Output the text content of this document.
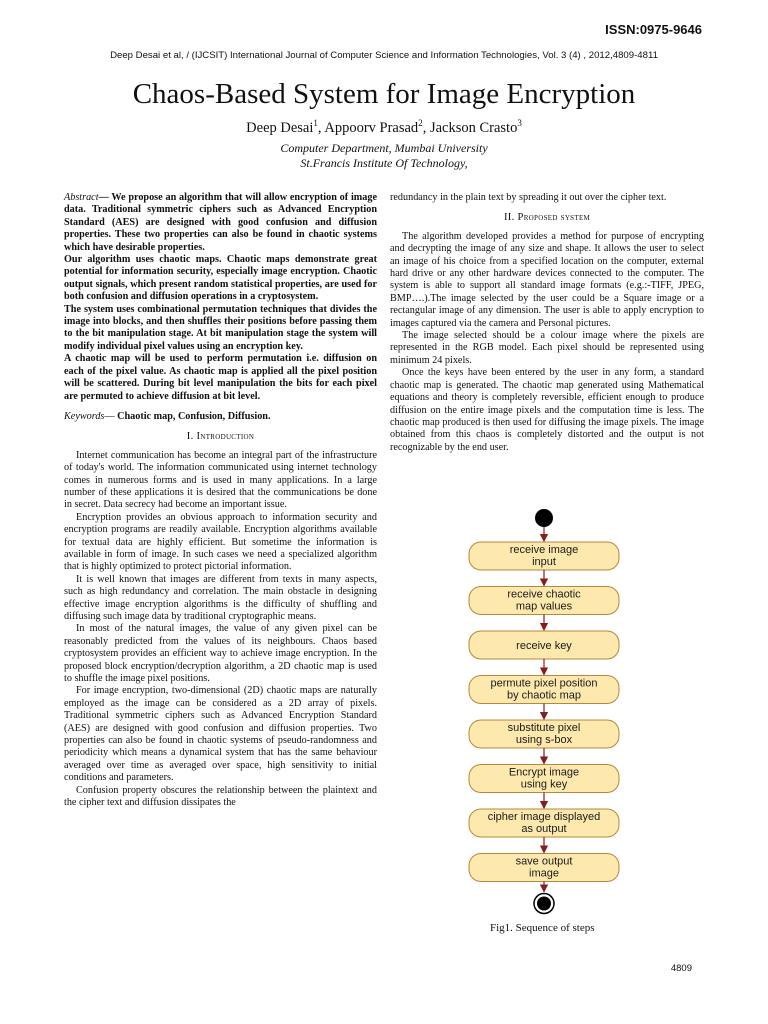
ISSN:0975-9646
Deep Desai et al, / (IJCSIT) International Journal of Computer Science and Information Technologies, Vol. 3 (4) , 2012,4809-4811
Chaos-Based System for Image Encryption
Deep Desai$^1$, Appoorv Prasad$^2$, Jackson Crasto$^3$
Computer Department, Mumbai University
St.Francis Institute Of Technology,

Abstract— We propose an algorithm that will allow encryption of image data. Traditional symmetric ciphers such as Advanced Encryption Standard (AES) are designed with good confusion and diffusion properties. These two properties can also be found in chaotic systems which have desirable properties.

Our algorithm uses chaotic maps. Chaotic maps demonstrate great potential for information security, especially image encryption. Chaotic output signals, which present random statistical properties, are used for both confusion and diffusion operations in a cryptosystem.

The system uses combinational permutation techniques that divides the image into blocks, and then shuffles their positions before passing them to the bit manipulation stage. At bit manipulation stage the system will modify individual pixel values using an encryption key.

A chaotic map will be used to perform permutation i.e. diffusion on each of the pixel value. As chaotic map is applied all the pixel position will be scattered. During bit level manipulation the bits for each pixel are permuted to achieve diffusion at bit level.

Keywords— Chaotic map, Confusion, Diffusion.

I. Introduction

Internet communication has become an integral part of the infrastructure of today's world. The information communicated using internet technology comes in numerous forms and is used in many applications. In a large number of these applications it is desired that the communications be done in secret. Data secrecy had become an important issue.

Encryption provides an obvious approach to information security and encryption programs are readily available. Encryption algorithms available for textual data are highly efficient. But sometime the information is available in form of image. In such cases we need a specialized algorithm that is highly optimized to protect pictorial information.

It is well known that images are different from texts in many aspects, such as high redundancy and correlation. The main obstacle in designing effective image encryption algorithms is the difficulty of shuffling and diffusing such image data by traditional cryptographic means.

In most of the natural images, the value of any given pixel can be reasonably predicted from the values of its neighbours. Chaos based cryptosystem provides an efficient way to achieve image encryption. In the proposed block encryption/decryption algorithm, a 2D chaotic map is used to shuffle the image pixel positions.

For image encryption, two-dimensional (2D) chaotic maps are naturally employed as the image can be considered as a 2D array of pixels. Traditional symmetric ciphers such as Advanced Encryption Standard (AES) are designed with good confusion and diffusion properties. Two properties can also be found in chaotic systems of pseudo-randomness and periodicity which means a dynamical system that has the same behaviour averaged over time as averaged over space, high sensitivity to initial conditions and parameters.

Confusion property obscures the relationship between the plaintext and the cipher text and diffusion dissipates the

redundancy in the plain text by spreading it out over the cipher text.

II. Proposed system

The algorithm developed provides a method for purpose of encrypting and decrypting the image of any size and shape. It allows the user to select an image of his choice from a specified location on the computer, external hard drive or any other hardware devices connected to the computer. The system is able to support all standard image formats (e.g.:-TIFF, JPEG, BMP….).The image selected by the user could be a Square image or a rectangular image of any dimension. The user is able to apply encryption to images captured via the camera and Personal pictures.

The image selected should be a colour image where the pixels are represented in the RGB model. Each pixel should be represented using minimum 24 pixels.

Once the keys have been entered by the user in any form, a standard chaotic map is generated. The chaotic map generated using Mathematical equations and theory is completely reversible, efficient enough to produce diffusion on the entire image pixels and the computation time is less. The chaotic map produced is then used for diffusing the image pixels. The image obtained from this chaos is completely distorted and the output is not recognizable by the end user.

receive image
input
receive chaotic
map values
receive key
permute pixel position
by chaotic map
substitute pixel
using s-box
Encrypt image
using key
cipher image displayed
as output
save output
image
Fig1. Sequence of steps
4809
